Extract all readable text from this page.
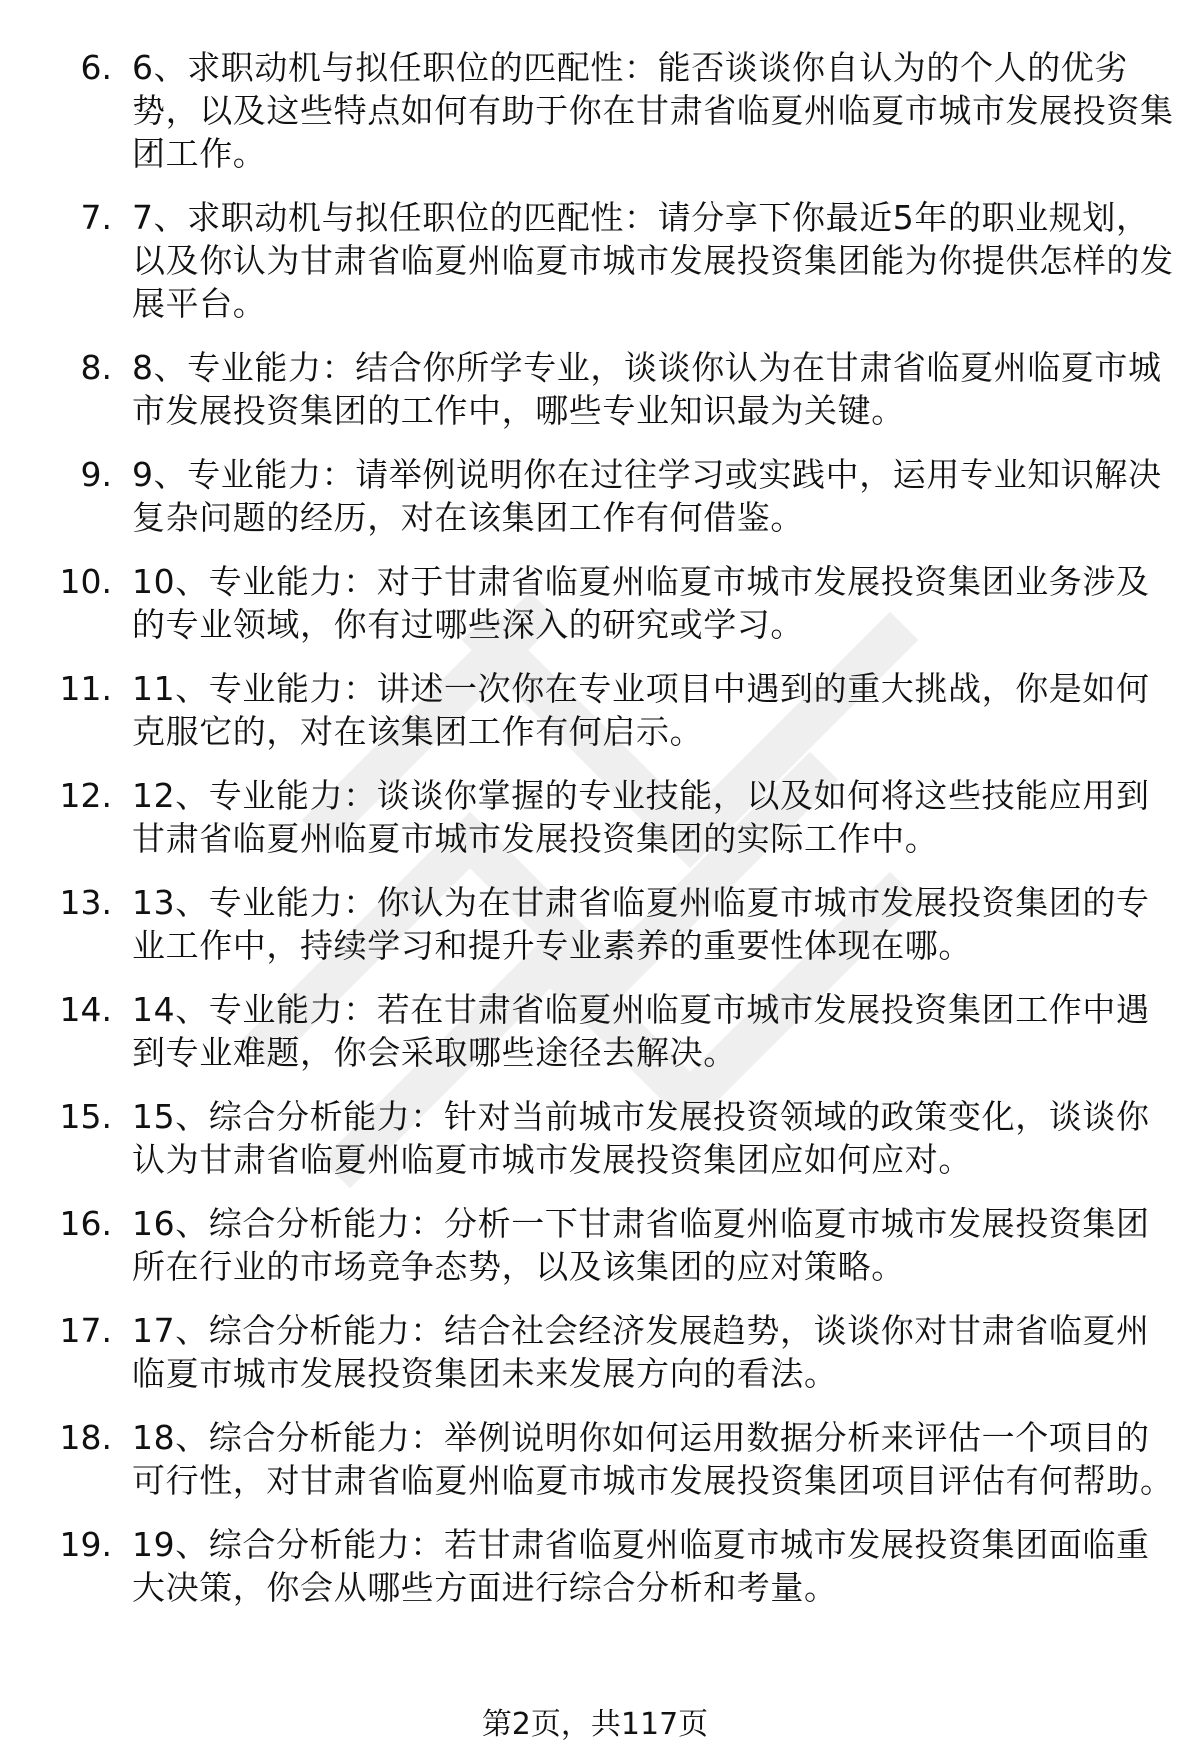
6. 6、求职动机与拟任职位的匹配性：能否谈谈你自认为的个人的优劣势，以及这些特点如何有助于你在甘肃省临夏州临夏市城市发展投资集团工作。
7. 7、求职动机与拟任职位的匹配性：请分享下你最近5年的职业规划，以及你认为甘肃省临夏州临夏市城市发展投资集团能为你提供怎样的发展平台。
8. 8、专业能力：结合你所学专业，谈谈你认为在甘肃省临夏州临夏市城市发展投资集团的工作中，哪些专业知识最为关键。
9. 9、专业能力：请举例说明你在过往学习或实践中，运用专业知识解决复杂问题的经历，对在该集团工作有何借鉴。
10. 10、专业能力：对于甘肃省临夏州临夏市城市发展投资集团业务涉及的专业领域，你有过哪些深入的研究或学习。
11. 11、专业能力：讲述一次你在专业项目中遇到的重大挑战，你是如何克服它的，对在该集团工作有何启示。
12. 12、专业能力：谈谈你掌握的专业技能，以及如何将这些技能应用到甘肃省临夏州临夏市城市发展投资集团的实际工作中。
13. 13、专业能力：你认为在甘肃省临夏州临夏市城市发展投资集团的专业工作中，持续学习和提升专业素养的重要性体现在哪。
14. 14、专业能力：若在甘肃省临夏州临夏市城市发展投资集团工作中遇到专业难题，你会采取哪些途径去解决。
15. 15、综合分析能力：针对当前城市发展投资领域的政策变化，谈谈你认为甘肃省临夏州临夏市城市发展投资集团应如何应对。
16. 16、综合分析能力：分析一下甘肃省临夏州临夏市城市发展投资集团所在行业的市场竞争态势，以及该集团的应对策略。
17. 17、综合分析能力：结合社会经济发展趋势，谈谈你对甘肃省临夏州临夏市城市发展投资集团未来发展方向的看法。
18. 18、综合分析能力：举例说明你如何运用数据分析来评估一个项目的可行性，对甘肃省临夏州临夏市城市发展投资集团项目评估有何帮助。
19. 19、综合分析能力：若甘肃省临夏州临夏市城市发展投资集团面临重大决策，你会从哪些方面进行综合分析和考量。
第2页，共117页
